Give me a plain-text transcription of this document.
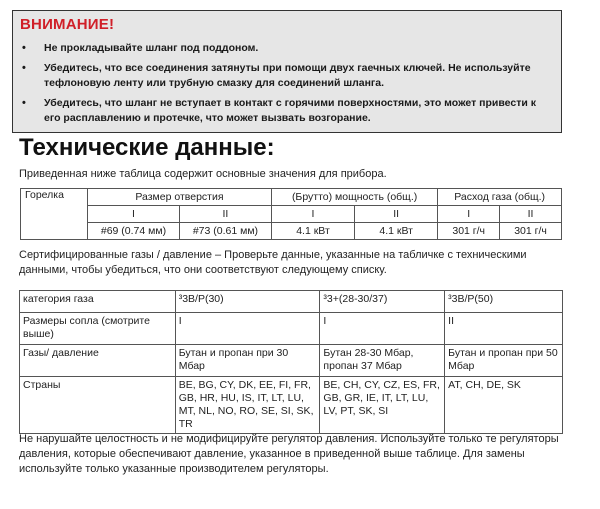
ВНИМАНИЕ!
• Не прокладывайте шланг под поддоном.
• Убедитесь, что все соединения затянуты при помощи двух гаечных ключей. Не используйте тефлоновую ленту или трубную смазку для соединений шланга.
• Убедитесь, что шланг не вступает в контакт с горячими поверхностями, это может привести к его расплавлению и протечке, что может вызвать возгорание.
Технические данные:
Приведенная ниже таблица содержит основные значения для прибора.
Горелка	Размер отверстия		(Брутто) мощность (общ.)		Расход газа (общ.)	
	I	II	I	II	I	II
	#69 (0.74 мм)	#73 (0.61 мм)	4.1 кВт	4.1 кВт	301 г/ч	301 г/ч
Сертифицированные газы / давление – Проверьте данные, указанные на табличке с техническими данными, чтобы убедиться, что они соответствуют следующему списку.
категория газа	³3B/P(30)	³3+(28-30/37)	³3B/P(50)
Размеры сопла (смотрите выше)	I	I	II
Газы/ давление	Бутан и пропан при 30 Мбар	Бутан 28-30 Мбар, пропан 37 Мбар	Бутан и пропан при 50 Мбар
Страны	BE, BG, CY, DK, EE, FI, FR, GB, HR, HU, IS, IT, LT, LU, MT, NL, NO, RO, SE, SI, SK, TR	BE, CH, CY, CZ, ES, FR, GB, GR, IE, IT, LT, LU, LV, PT, SK, SI	AT, CH, DE, SK
Не нарушайте целостность и не модифицируйте регулятор давления. Используйте только те регуляторы давления, которые обеспечивают давление, указанное в приведенной выше таблице. Для замены используйте только указанные производителем регуляторы.
